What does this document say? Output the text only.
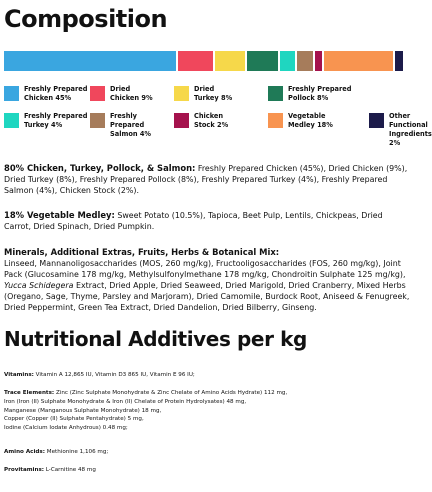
Composition
Freshly Prepared
Chicken 45%
Dried
Chicken 9%
Dried
Turkey 8%
Freshly Prepared
Pollock 8%
Freshly Prepared
Turkey 4%
Freshly Prepared
Salmon 4%
Chicken
Stock 2%
Vegetable
Medley 18%
Other Functional
Ingredients 2%
80% Chicken, Turkey, Pollock, & Salmon: Freshly Prepared Chicken (45%), Dried Chicken (9%), Dried Turkey (8%), Freshly Prepared Pollock (8%), Freshly Prepared Turkey (4%), Freshly Prepared Salmon (4%), Chicken Stock (2%).
18% Vegetable Medley: Sweet Potato (10.5%), Tapioca, Beet Pulp, Lentils, Chickpeas, Dried Carrot, Dried Spinach, Dried Pumpkin.
Minerals, Additional Extras, Fruits, Herbs & Botanical Mix:
Linseed, Mannanoligosaccharides (MOS, 260 mg/kg), Fructooligosaccharides (FOS, 260 mg/kg), Joint Pack (Glucosamine 178 mg/kg, Methylsulfonylmethane 178 mg/kg, Chondroitin Sulphate 125 mg/kg), Yucca Schidegera Extract, Dried Apple, Dried Seaweed, Dried Marigold, Dried Cranberry, Mixed Herbs (Oregano, Sage, Thyme, Parsley and Marjoram), Dried Camomile, Burdock Root, Aniseed & Fenugreek, Dried Peppermint, Green Tea Extract, Dried Dandelion, Dried Bilberry, Ginseng.
Nutritional Additives per kg
Vitamins: Vitamin A 12,865 IU, Vitamin D3 865 IU, Vitamin E 96 IU;
Trace Elements: Zinc (Zinc Sulphate Monohydrate & Zinc Chelate of Amino Acids Hydrate) 112 mg,
Iron (Iron (II) Sulphate Monohydrate & Iron (II) Chelate of Protein Hydrolysates) 48 mg,
Manganese (Manganous Sulphate Monohydrate) 18 mg,
Copper (Copper (II) Sulphate Pentahydrate) 5 mg,
Iodine (Calcium Iodate Anhydrous) 0.48 mg;
Amino Acids: Methionine 1,106 mg;
Provitamins: L-Carnitine 48 mg
